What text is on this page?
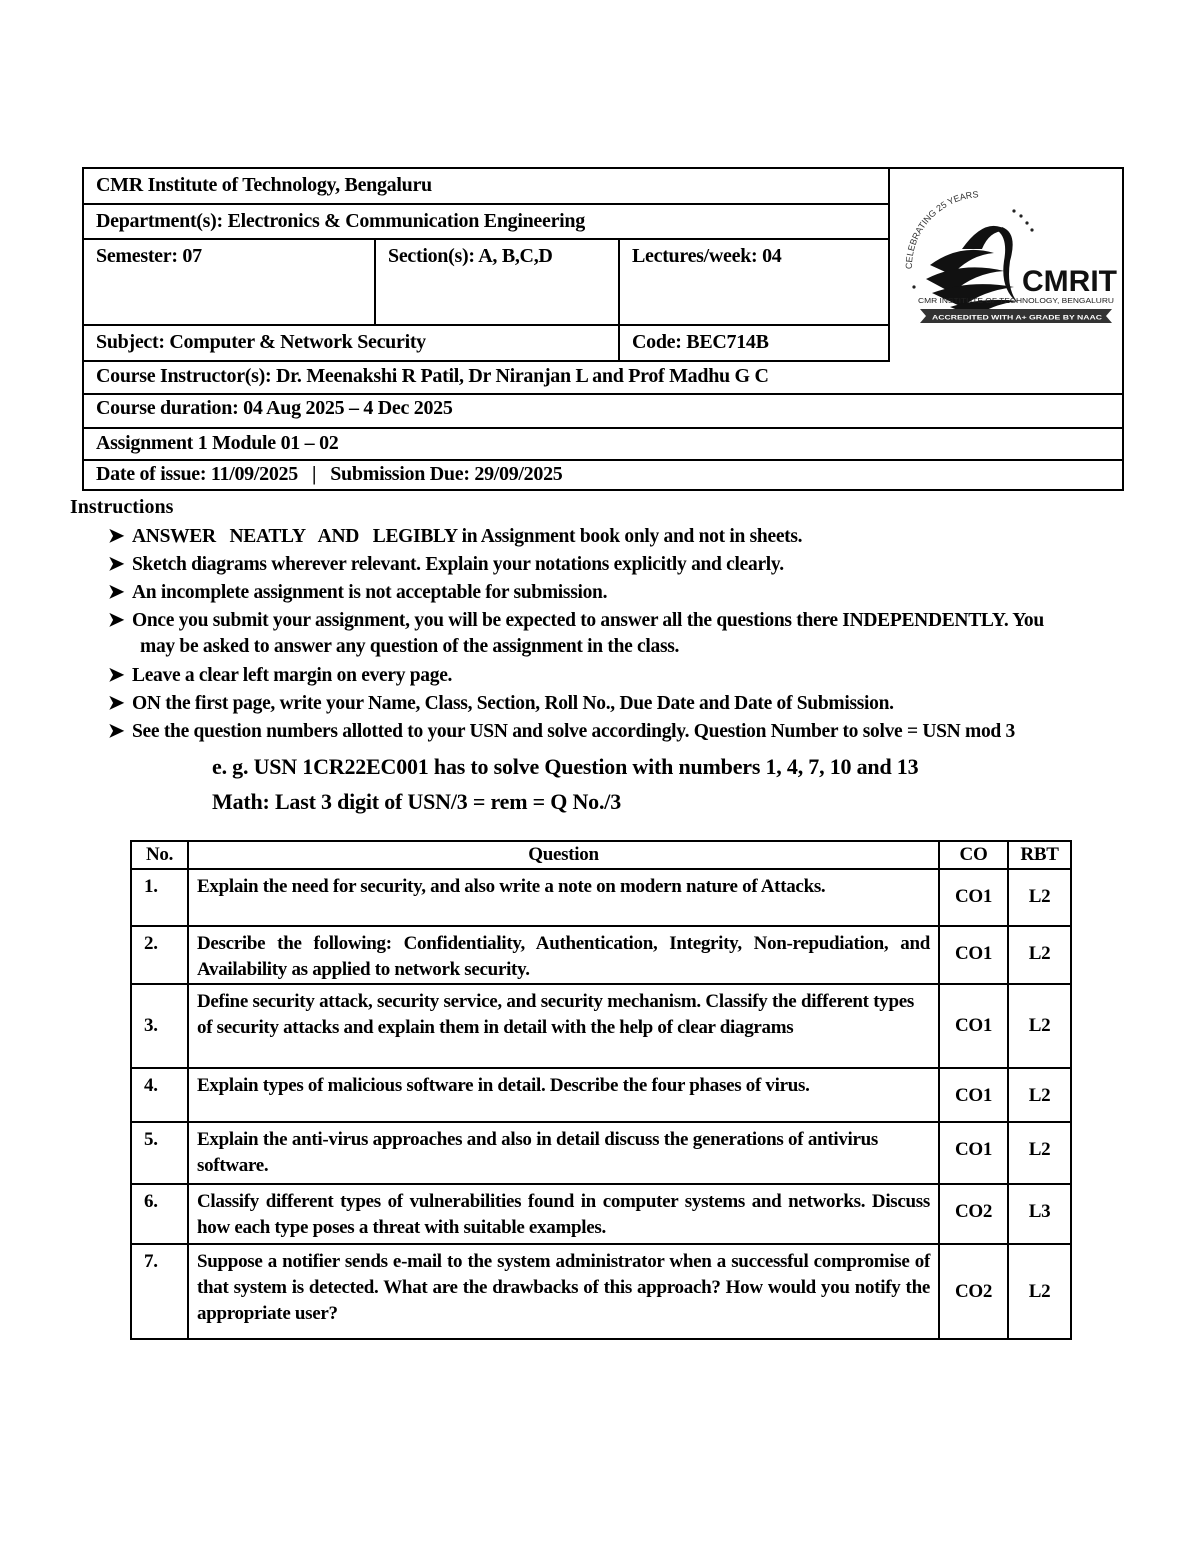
CMR Institute of Technology, Bengaluru
Department(s): Electronics & Communication Engineering
Semester: 07	Section(s): A, B,C,D	Lectures/week: 04
Subject: Computer & Network Security	Code: BEC714B
Course Instructor(s): Dr. Meenakshi R Patil, Dr Niranjan L and Prof Madhu G C
Course duration: 04 Aug 2025 – 4 Dec 2025
Assignment 1 Module 01 – 02
Date of issue: 11/09/2025   |   Submission Due: 29/09/2025
CELEBRATING 25 YEARS
CMRIT
CMR INSTITUTE OF TECHNOLOGY, BENGALURU
ACCREDITED WITH A+ GRADE BY NAAC
Instructions
➤ ANSWER   NEATLY   AND   LEGIBLY in Assignment book only and not in sheets.
➤ Sketch diagrams wherever relevant. Explain your notations explicitly and clearly.
➤ An incomplete assignment is not acceptable for submission.
➤ Once you submit your assignment, you will be expected to answer all the questions there INDEPENDENTLY. You
may be asked to answer any question of the assignment in the class.
➤ Leave a clear left margin on every page.
➤ ON the first page, write your Name, Class, Section, Roll No., Due Date and Date of Submission.
➤ See the question numbers allotted to your USN and solve accordingly. Question Number to solve = USN mod 3
e. g. USN 1CR22EC001 has to solve Question with numbers 1, 4, 7, 10 and 13
Math: Last 3 digit of USN/3 = rem = Q No./3
No.	Question	CO	RBT
1.	Explain the need for security, and also write a note on modern nature of Attacks.	CO1	L2
2.	Describe the following: Confidentiality, Authentication, Integrity, Non-repudiation, and Availability as applied to network security.	CO1	L2
3.	Define security attack, security service, and security mechanism. Classify the different types of security attacks and explain them in detail with the help of clear diagrams	CO1	L2
4.	Explain types of malicious software in detail. Describe the four phases of virus.	CO1	L2
5.	Explain the anti-virus approaches and also in detail discuss the generations of antivirus software.	CO1	L2
6.	Classify different types of vulnerabilities found in computer systems and networks. Discuss how each type poses a threat with suitable examples.	CO2	L3
7.	Suppose a notifier sends e-mail to the system administrator when a successful compromise of that system is detected. What are the drawbacks of this approach? How would you notify the appropriate user?	CO2	L2
